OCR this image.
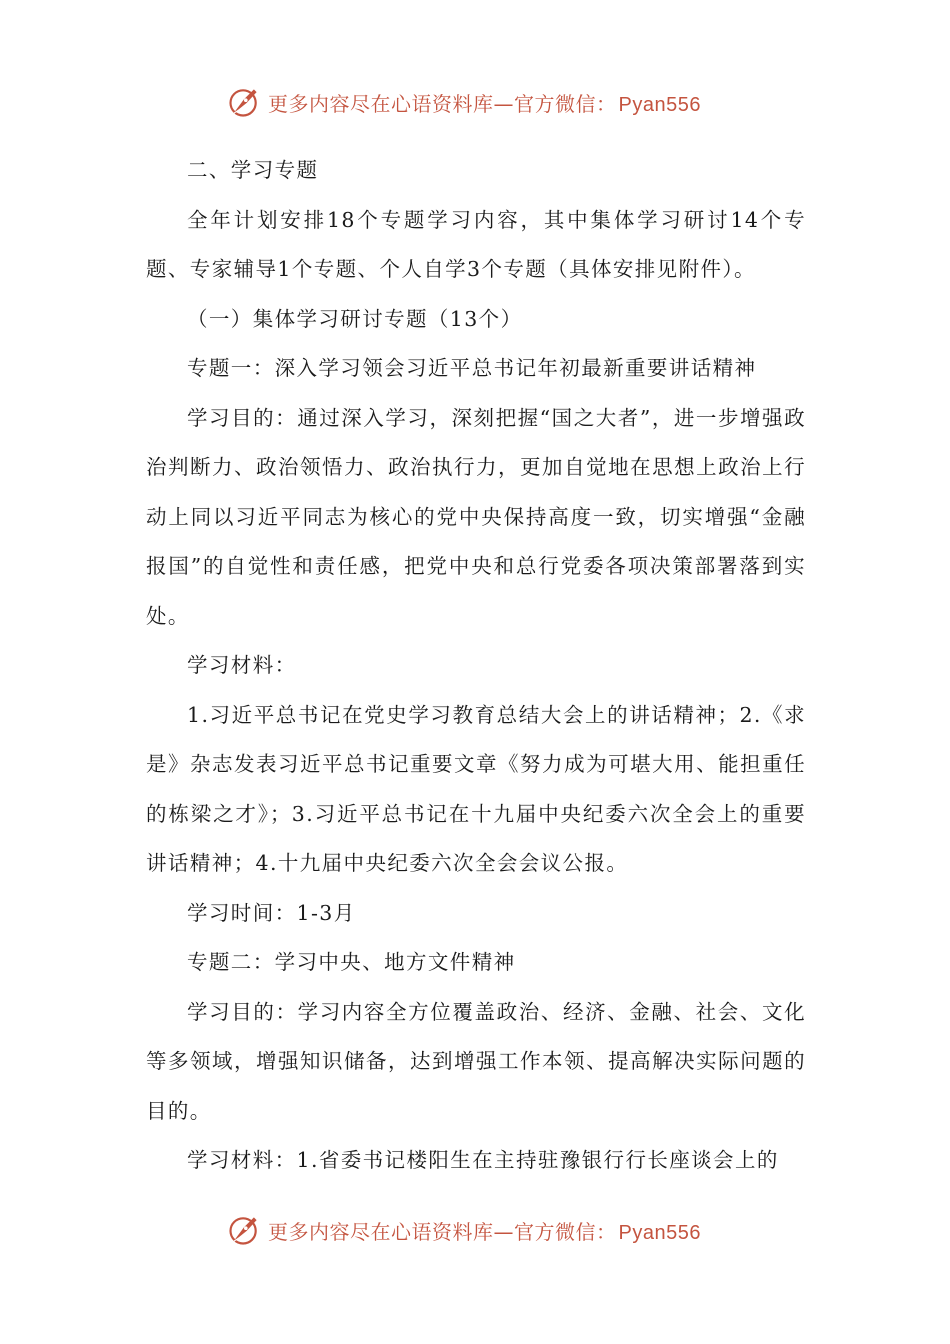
更多内容尽在心语资料库—官方微信： Pyan556

二、学习专题

全年计划安排18个专题学习内容，其中集体学习研讨14个专题、专家辅导1个专题、个人自学3个专题（具体安排见附件）。

（一）集体学习研讨专题（13个）

专题一：深入学习领会习近平总书记年初最新重要讲话精神

学习目的：通过深入学习，深刻把握“国之大者”，进一步增强政治判断力、政治领悟力、政治执行力，更加自觉地在思想上政治上行动上同以习近平同志为核心的党中央保持高度一致，切实增强“金融报国”的自觉性和责任感，把党中央和总行党委各项决策部署落到实处。

学习材料：

1.习近平总书记在党史学习教育总结大会上的讲话精神；2.《求是》杂志发表习近平总书记重要文章《努力成为可堪大用、能担重任的栋梁之才》；3.习近平总书记在十九届中央纪委六次全会上的重要讲话精神；4.十九届中央纪委六次全会会议公报。

学习时间：1-3月

专题二：学习中央、地方文件精神

学习目的：学习内容全方位覆盖政治、经济、金融、社会、文化等多领域，增强知识储备，达到增强工作本领、提高解决实际问题的目的。

学习材料：1.省委书记楼阳生在主持驻豫银行行长座谈会上的

更多内容尽在心语资料库—官方微信： Pyan556
